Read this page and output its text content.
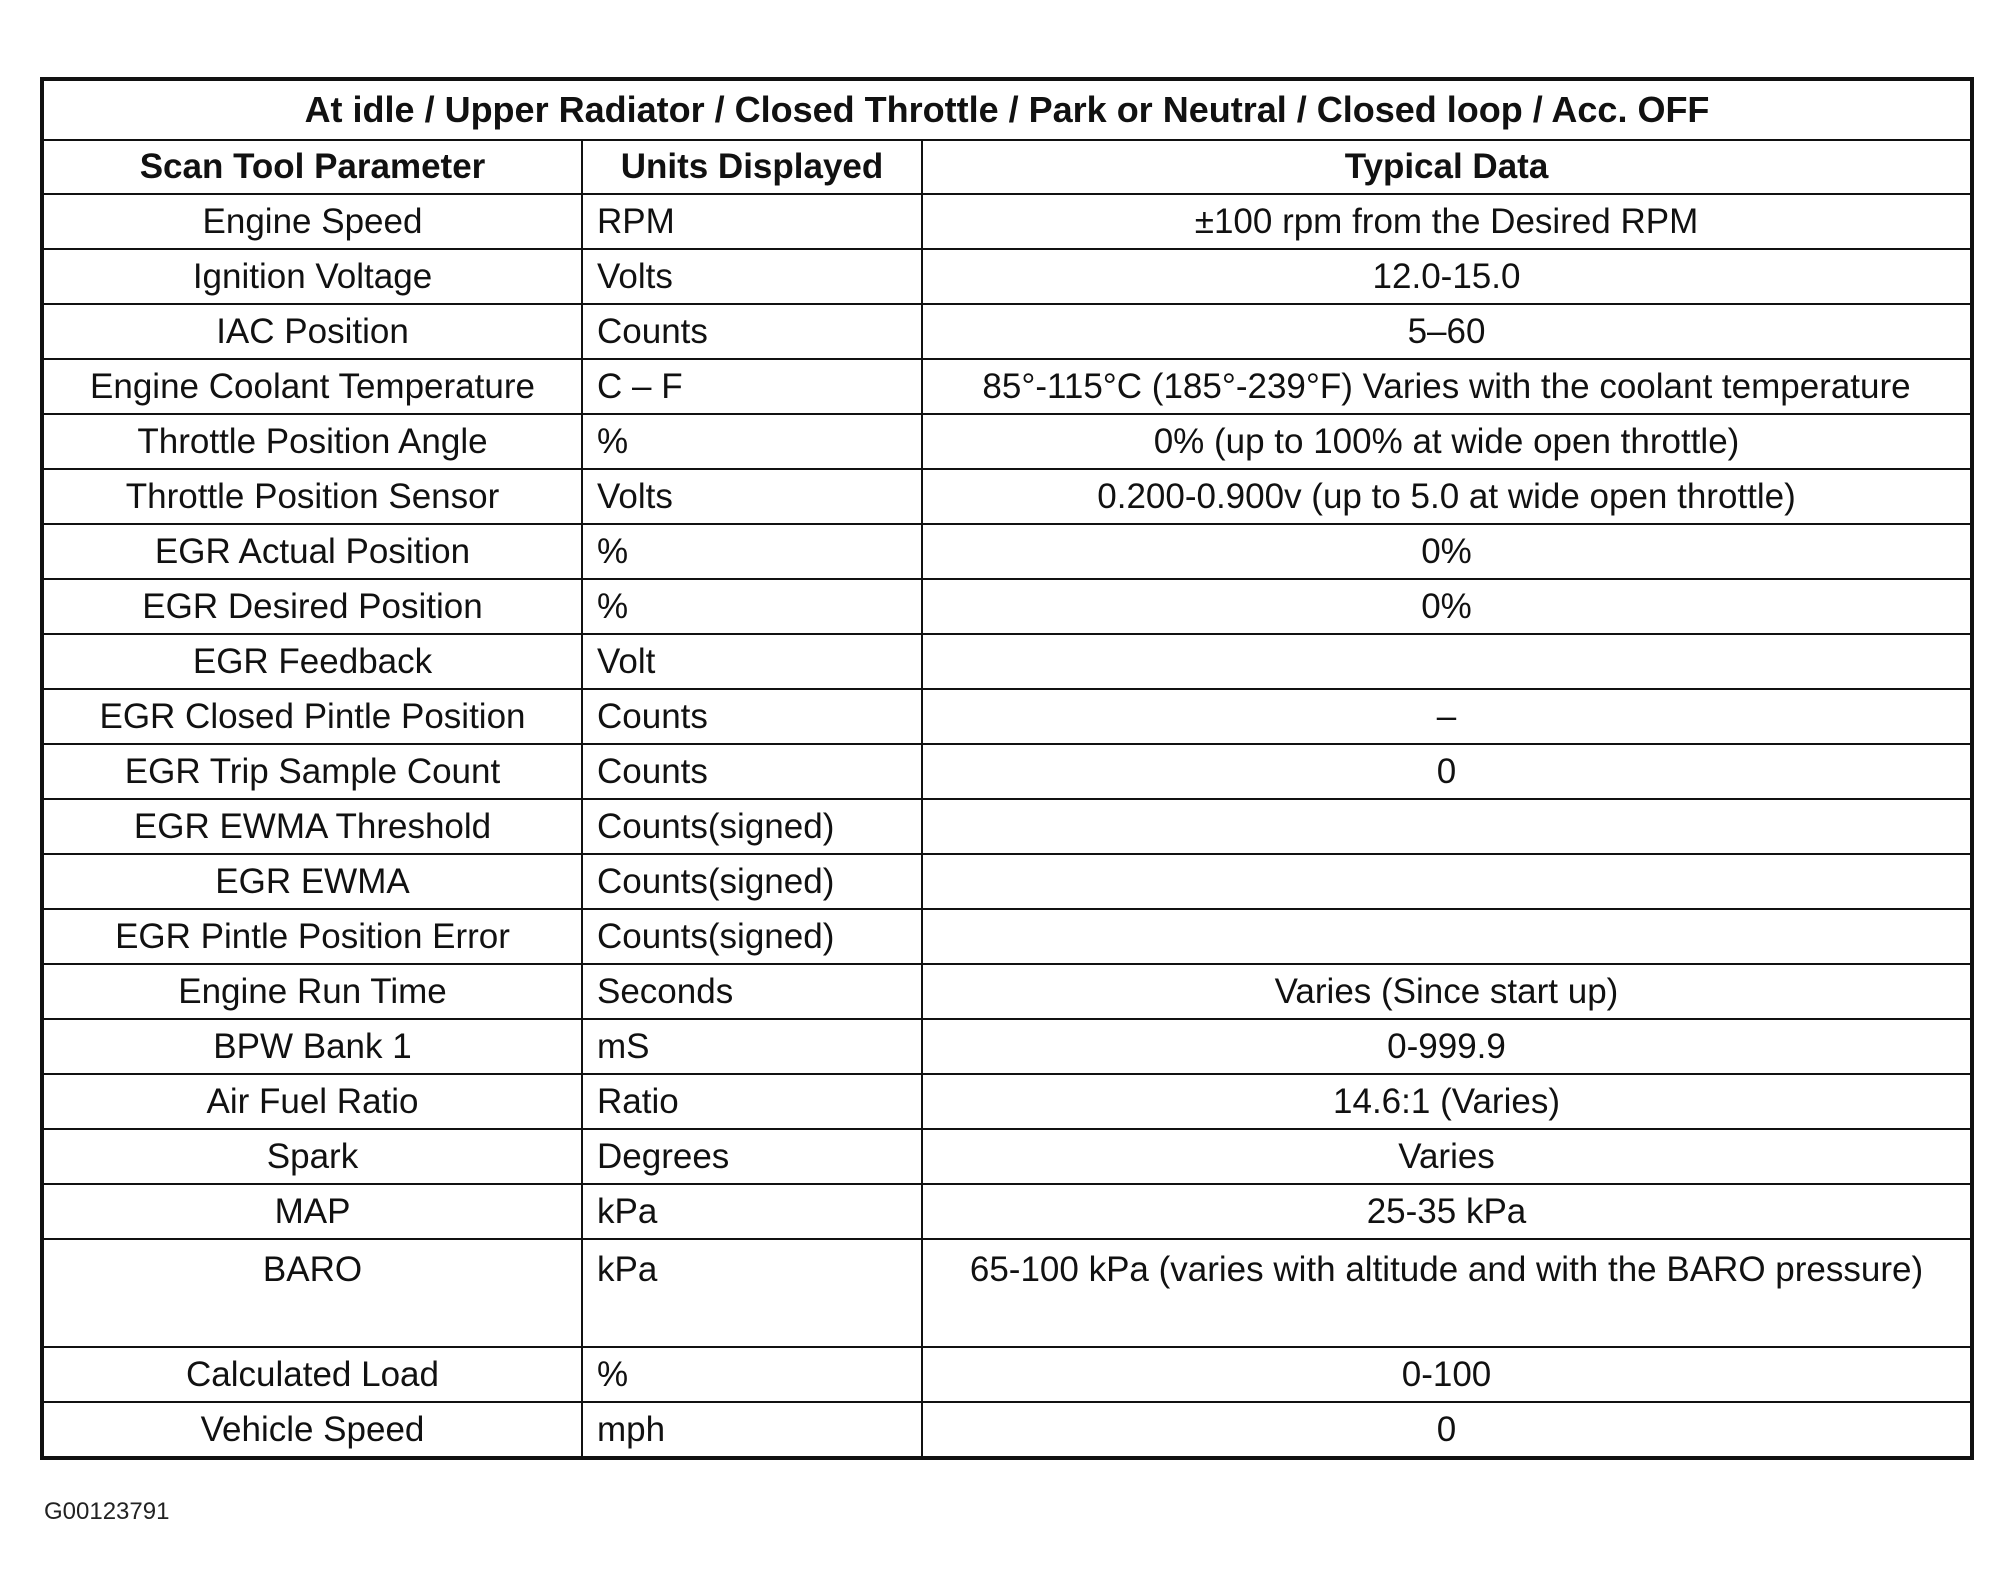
At idle / Upper Radiator / Closed Throttle / Park or Neutral / Closed loop / Acc. OFF		
Scan Tool Parameter	Units Displayed	Typical Data
Engine Speed	RPM	±100 rpm from the Desired RPM
Ignition Voltage	Volts	12.0-15.0
IAC Position	Counts	5–60
Engine Coolant Temperature	C – F	85°-115°C (185°-239°F) Varies with the coolant temperature
Throttle Position Angle	%	0% (up to 100% at wide open throttle)
Throttle Position Sensor	Volts	0.200-0.900v (up to 5.0 at wide open throttle)
EGR Actual Position	%	0%
EGR Desired Position	%	0%
EGR Feedback	Volt	
EGR Closed Pintle Position	Counts	–
EGR Trip Sample Count	Counts	0
EGR EWMA Threshold	Counts(signed)	
EGR EWMA	Counts(signed)	
EGR Pintle Position Error	Counts(signed)	
Engine Run Time	Seconds	Varies (Since start up)
BPW Bank 1	mS	0-999.9
Air Fuel Ratio	Ratio	14.6:1 (Varies)
Spark	Degrees	Varies
MAP	kPa	25-35 kPa
BARO	kPa	65-100 kPa (varies with altitude and with the BARO pressure)
Calculated Load	%	0-100
Vehicle Speed	mph	0
G00123791
